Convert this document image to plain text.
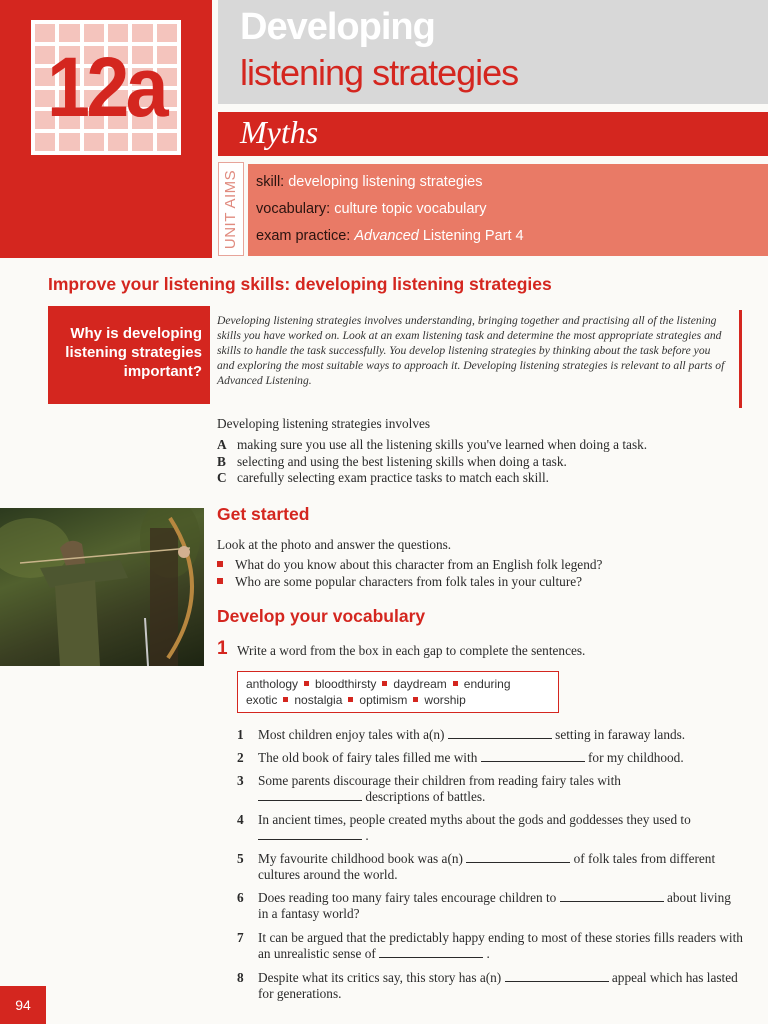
12a
Developing
listening strategies
Myths
UNIT AIMS skill: developing listening strategies
vocabulary: culture topic vocabulary
exam practice: Advanced Listening Part 4
Improve your listening skills: developing listening strategies
Why is developing listening strategies important?
Developing listening strategies involves understanding, bringing together and practising all of the listening skills you have worked on. Look at an exam listening task and determine the most appropriate strategies and skills to handle the task successfully. You develop listening strategies by thinking about the task before you and exploring the most suitable ways to approach it. Developing listening strategies is relevant to all parts of Advanced Listening.
Developing listening strategies involves
A making sure you use all the listening skills you've learned when doing a task.
B selecting and using the best listening skills when doing a task.
C carefully selecting exam practice tasks to match each skill.
Get started
Look at the photo and answer the questions.
What do you know about this character from an English folk legend?
Who are some popular characters from folk tales in your culture?
Develop your vocabulary
1 Write a word from the box in each gap to complete the sentences.
anthology bloodthirsty daydream enduring
exotic nostalgia optimism worship
1	Most children enjoy tales with a(n)	setting in faraway lands.
2	The old book of fairy tales filled me with	for my childhood.
3	Some parents discourage their children from reading fairy tales with
descriptions of battles.
4	In ancient times, people created myths about the gods and goddesses they used to  .
5	My favourite childhood book was a(n)	of folk tales from different cultures around the world.
6	Does reading too many fairy tales encourage children to	about living in a fantasy world?
7	It can be argued that the predictably happy ending to most of these stories fills readers with an unrealistic sense of	.
8	Despite what its critics say, this story has a(n)	appeal which has lasted for generations.
94
